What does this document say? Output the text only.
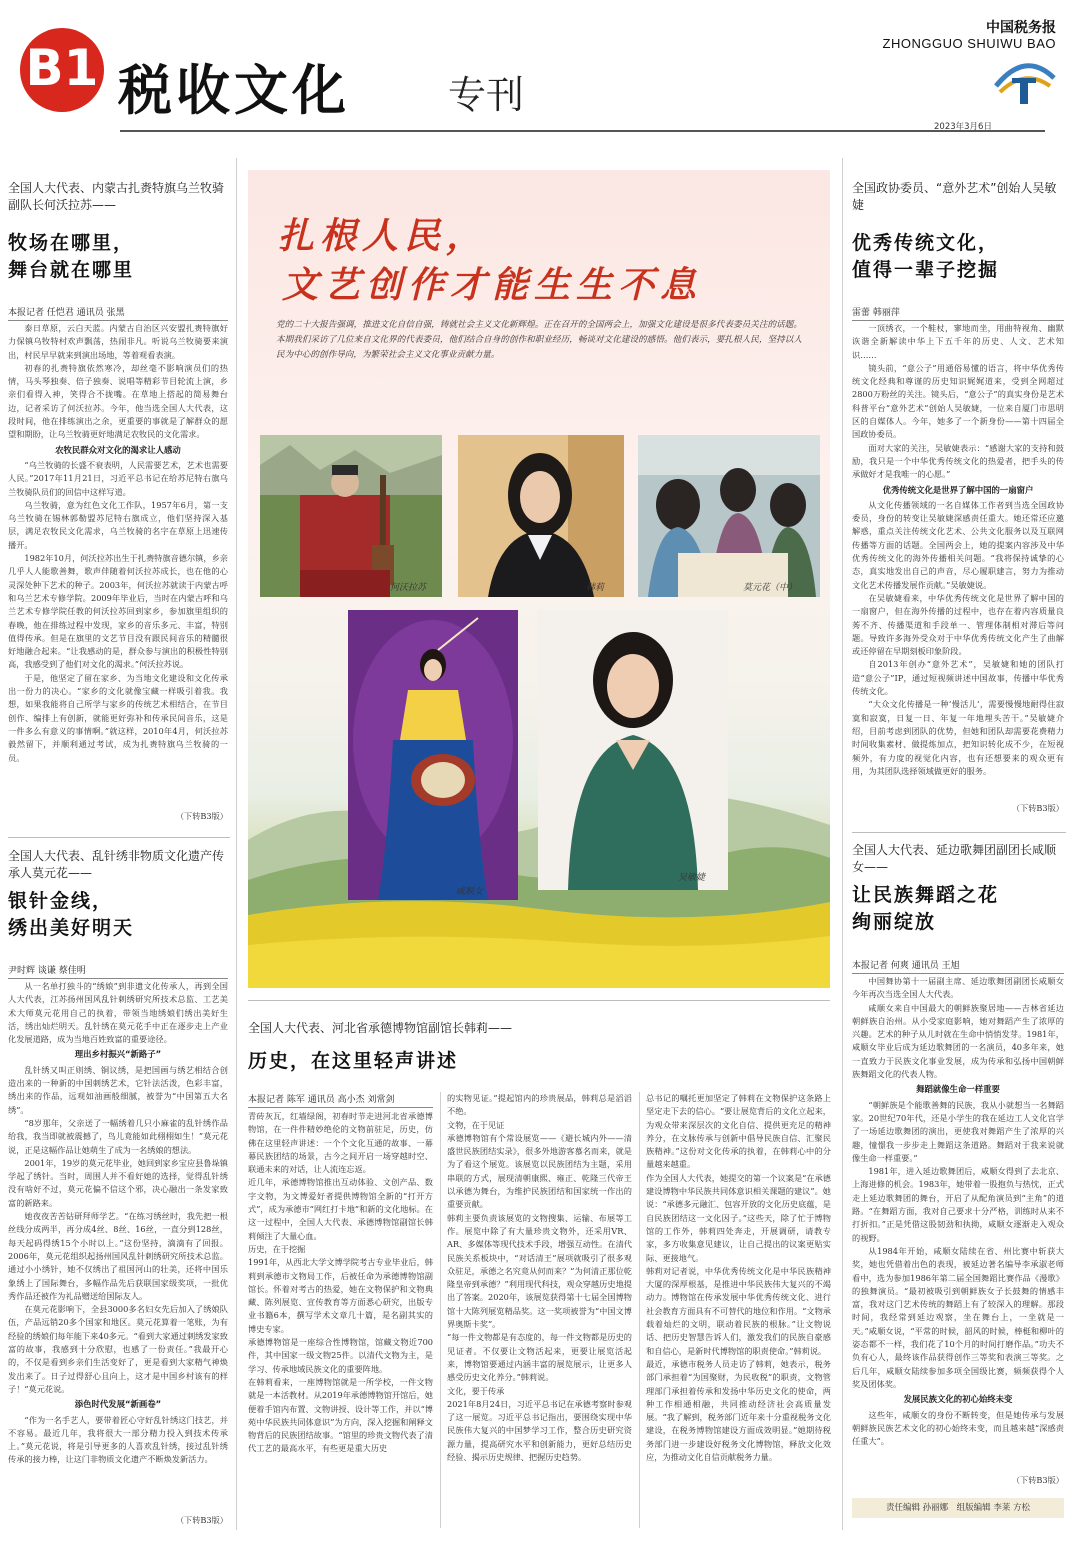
B1 税收文化	专刊
中国税务报
ZHONGGUO SHUIWU BAO
2023年3月6日
全国人大代表、内蒙古扎赉特旗乌兰牧骑副队长何沃拉苏——
牧场在哪里，
舞台就在哪里
本报记者 任恺君 通讯员 张黑

泰日草原，云白天蓝。内蒙古自治区兴安盟扎赉特旗好力保镇乌牧特村欢声飘荡，热闹非凡。听说乌兰牧骑要来演出，村民早早就来到演出场地，等着观看表演。

初春的扎赉特旗依然寒冷，却丝毫不影响演员们的热情，马头琴独奏、倍子独奏、说唱等精彩节目轮流上演，乡亲们看得入神，笑得合不拢嘴。在草地上搭起的简易舞台边，记者采访了何沃拉苏。今年，他当选全国人大代表，这段时间，他在排练演出之余，更重要的事就是了解群众的愿望和期盼，让乌兰牧骑更好地满足农牧民的文化需求。

农牧民群众对文化的渴求让人感动

“乌兰牧骑的长盛不衰表明，人民需要艺术，艺术也需要人民。”2017年11月21日，习近平总书记在给苏尼特右旗乌兰牧骑队员们的回信中这样写道。

乌兰牧骑，意为红色文化工作队，1957年6月，第一支乌兰牧骑在锡林郭勒盟苏尼特右旗成立，他们坚持深入基层，满足农牧民文化需求，乌兰牧骑的名字在草原上迅速传播开。

1982年10月，何沃拉苏出生于扎赉特旗音德尔镇，乡亲几乎人人能歌善舞，歌声伴随着何沃拉苏成长，也在他的心灵深处种下艺术的种子。2003年，何沃拉苏就读于内蒙古呼和乌兰艺术专修学院。2009年毕业后，当时在内蒙古呼和乌兰艺术专修学院任教的何沃拉苏回到家乡，参加旗里组织的春晚，他在排练过程中发现，家乡的音乐多元、丰富，特别值得传承。但是在旗里的文艺节目没有跟民间音乐的精髓很好地融合起来。“让我感动的是，群众参与演出的积极性特别高，我感受到了他们对文化的渴求。”何沃拉苏说。

于是，他坚定了留在家乡、为当地文化建设和文化传承出一份力的决心。“家乡的文化就像宝藏一样吸引着我。我想，如果我能将自己所学与家乡的传统艺术相结合，在节目创作、编排上有创新，就能更好弥补和传承民间音乐，这是一件多么有意义的事情啊。”就这样，2010年4月，何沃拉苏毅然留下，并顺利通过考试，成为扎赉特旗乌兰牧骑的一员。

（下转B3版）
全国人大代表、乱针绣非物质文化遗产传承人莫元花——
银针金线，
绣出美好明天
尹时辉 谈谦 蔡佳明

从一名单打独斗的“绣娘”到非遗文化传承人，再到全国人大代表，江苏扬州国风乱针刺绣研究所技术总监、工艺美术大师莫元花用自己的执着，带领当地绣娘们绣出美好生活，绣出灿烂明天。乱针绣在莫元花手中正在逐步走上产业化发展道路，成为当地百姓致富的重要途径。

理出乡村振兴“新路子”

乱针绣又叫正则绣、铜议绣，是把国画与绣艺相结合创造出来的一种新的中国刺绣艺术，它针法活泼，色彩丰富，绣出来的作品，远观如油画般细腻，被誉为“中国第五大名绣”。

“8岁那年，父亲送了一幅绣着几只小麻雀的乱针绣作品给我，我当即就被震撼了，鸟儿竟能如此栩栩如生！”莫元花说，正是这幅作品让她萌生了成为一名绣娘的想法。

2001年，19岁的莫元花毕业，她回到家乡宝应县鲁垛镇学起了绣针。当时，周围人并不看好她的选择，觉得乱针绣没有啥好不过，莫元花偏不信这个邪，决心融出一条发家致富的新路来。

她夜夜苦苦钻研拜师学艺。“在练习绣丝时，我先把一根丝线分成两半，再分成4丝、8丝、16丝，一直分到128丝，每天起码得绣15个小时以上。”这份坚持，滴滴有了回报。2006年，莫元花组织起扬州国风乱针刺绣研究所技术总监。通过小小绣针，她不仅绣出了祖国河山的壮美，还将中国乐象绣上了国际舞台，多幅作品先后获联国家级奖项，一批优秀作品还被作为礼品赠送给国际友人。

在莫元花影响下，全县3000多名妇女先后加入了绣娘队伍，产品远销20多个国家和地区。莫元花算着一笔账，为有经验的绣娘们每年能下来40多元。“看到大家通过刺绣发家致富的故事，我感到十分欣慰，也感了一份责任。”我最开心的，不仅是看到乡亲们生活变好了，更是看到大家精气神焕发出来了。日子过得舒心且向上，这才是中国乡村该有的样子！”莫元花说。

添色时代发展“新画卷”

“作为一名手艺人，要带着匠心守好乱针绣这门技艺，并不容易。最近几年，我将很大一部分精力投入到技术传承上。”莫元花说，将是引导更多的人喜欢乱针绣，接过乱针绣传承的接力棒，让这门非物质文化遗产不断焕发新活力。

（下转B3版）
扎根人民，
文艺创作才能生生不息
党的二十大报告强调，推进文化自信自强，铸就社会主义文化新辉煌。正在召开的全国两会上，加强文化建设是很多代表委员关注的话题。本期我们采访了几位来自文化界的代表委员，他们结合自身的创作和职业经历，畅谈对文化建设的感悟。他们表示，要扎根人民，坚持以人民为中心的创作导向，为繁荣社会主义文化事业贡献力量。
何沃拉苏	韩莉	莫元花（中）
咸顺女
吴敏婕
全国人大代表、河北省承德博物馆副馆长韩莉——
历史，在这里轻声讲述
本报记者 陈军 通讯员 高小杰 刘常剑
青砖灰瓦，红墙绿阁，初春时节走进河北省承德博物馆，在一件件精妙绝伦的文物前驻足，历史，仿佛在这里轻声讲述：一个个文化互通的故事、一幕幕民族团结的场景，古今之间开启一场穿越时空、联通未来的对话，让人流连忘返。
近几年，承德博物馆推出互动体验、文创产品、数字文物，为文博爱好者提供博物馆全新的“打开方式”，成为承德市“网红打卡地”和新的文化地标。在这一过程中，全国人大代表、承德博物馆副馆长韩莉倾注了大量心血。
历史，在于挖掘
1991年，从西北大学文博学院考古专业毕业后，韩莉到承德市文物局工作，后被任命为承德博物馆副馆长。怀着对考古的热爱，她在文物保护和文物典藏、陈列展览、宣传教育等方面悉心研究，出版专业书籍6本，撰写学术文章几十篇，是名副其实的博史专家。
承德博物馆是一座综合性博物馆，馆藏文物近700件，其中国家一级文物25件。以清代文物为主，是学习、传承地域民族文化的重要阵地。
在韩莉看来，一座博物馆就是一所学校，一件文物就是一本活教材。从2019年承德博物馆开馆后，她便着手馆内布置、文物讲授、设计等工作，并以“博苑中华民族共同体意识”为方向，深入挖掘和阐释文物背后的民族团结故事。“馆里的珍贵文物代表了清代工艺的最高水平，有些更是重大历史
的实物见证。”提起馆内的珍贵展品，韩莉总是滔滔不绝。
文物，在于见证
承德博物馆有个常设展览——《避长城内外——清盛世民族团结实录》，很多外地游客慕名而来，就是为了看这个展览。该展览以民族团结为主题，采用串联的方式，展现清朝康熙、雍正、乾隆三代帝王以承德为舞台，为维护民族团结和国家统一作出的重要贡献。
韩莉主要负责该展览的文物搜集、运输、布展等工作。展览中除了有大量珍贵文物外，还采用VR、AR、多媒体等现代技术手段，增强互动性。在清代民族关系板块中，“对话清王”展项就吸引了很多观众驻足，承德之名究竟从何而来？”为何清正那位乾隆皇帝到承德？”利用现代科技，观众穿越历史地提出了答案。2020年，该展览获得第十七届全国博物馆十大陈列展览精品奖。这一奖项被誉为“中国文博界奥斯卡奖”。
“每一件文物都是有态度的，每一件文物都是历史的见证者。不仅要让文物活起来，更要让展览活起来，博物馆要通过内涵丰富的展览展示，让更多人感受历史文化养分。”韩莉说。
文化，要于传承
2021年8月24日，习近平总书记在承德考察时参观了这一展览。习近平总书记指出，要围绕实现中华民族伟大复兴的中国梦学习工作，整合历史研究资源力量，提高研究水平和创新能力，更好总结历史经验、揭示历史规律、把握历史趋势。
总书记的嘱托更加坚定了韩莉在文物保护这条路上坚定走下去的信心。“要让展览背后的文化立起来，为观众带来深层次的文化自信、提供更充足的精神养分，在文脉传承与创新中倡导民族自信、汇聚民族精神。”这份对文化传承的执着，在韩莉心中的分量越来越重。
作为全国人大代表，她提交的第一个议案是“在承德建设博物中华民族共同体意识相关课题的建议”。她说：“承德多元融汇、包容开放的文化历史底蕴，是自民族团结这一文化因子。”这些天，除了忙于博物馆的工作外，韩莉四处奔走，开展调研，请教专家，多方收集意见建议，让自己提出的议案更贴实际、更接地气。
韩莉对记者说，中华优秀传统文化是中华民族精神大厦的深厚根基，是推进中华民族伟大复兴的不竭动力。博物馆在传承发展中华优秀传统文化、进行社会教育方面具有不可替代的地位和作用。“文物承载着灿烂的文明，联动着民族的根脉。”让文物说话、把历史智慧告诉人们，激发我们的民族自豪感和自信心，是新时代博物馆的职责使命。”韩莉说。
最近，承德市税务人员走访了韩莉，她表示，税务部门承担着“为国聚财，为民收税”的职责，文物管理部门承担着传承和发扬中华历史文化的使命，两种工作相通相融，共同推动经济社会高质量发展。“我了解到，税务部门近年来十分重视税务文化建设，在税务博物馆建设方面成效明显。”她期待税务部门进一步建设好税务文化博物馆，释放文化效应，为推动文化自信贡献税务力量。
全国政协委员、“意外艺术”创始人吴敏婕
优秀传统文化，
值得一辈子挖掘
雷蕾 韩丽萍

一顶绣衣，一个鞋杖，寥地而坐，用曲特视角、幽默诙谐全新解读中华上下五千年的历史、人文、艺术知识……

镜头前，“意公子”用通俗易懂的语言，将中华优秀传统文化经典和尊谨的历史知识娓娓道来，受到全网超过2800万粉丝的关注。镜头后，“意公子”的真实身份是艺术科普平台“意外艺术”创始人吴敏婕，一位来自厦门市思明区的自媒体人。今年，她多了一个新身份——第十四届全国政协委员。

面对大家的关注，吴敏婕表示：“感谢大家的支持和鼓励，我只是一个中华优秀传统文化的热爱者，把手头的传承做好才是我唯一的心愿。”

优秀传统文化是世界了解中国的一扇窗户

从文化传播领域的一名自媒体工作者到当选全国政协委员，身份的转变让吴敏婕深感责任重大。她还常还应邀解惑，重点关注传统文化艺术、公共文化服务以及互联网传播等方面的话题。全国两会上，她的提案内容涉及中华优秀传统文化的海外传播相关问题。“我将保持诚挚的心态，真实地发出自己的声音，尽心履职建言，努力为推动文化艺术传播发展作贡献。”吴敏婕说。

在吴敏婕看来，中华优秀传统文化是世界了解中国的一扇窗户，但在海外传播的过程中，也存在着内容质量良莠不齐、传播渠道和手段单一、管理体制相对滞后等问题。导致许多海外受众对于中华优秀传统文化产生了曲解或还停留在早期刻板印象阶段。

自2013年创办“意外艺术”，吴敏婕和她的团队打造“意公子”IP，通过短视频讲述中国故事，传播中华优秀传统文化。

“大众文化传播是一种‘慢活儿’，需要慢慢地耐得住寂寞和寂寞，日复一日、年复一年地埋头苦干。”吴敏婕介绍，目前考虑到团队的优势，但她和团队却需要花费精力时间收集素材、做提炼加点，把知识转化成不少，在短视频外，有力度的视觉化内容，也有还想要来的观众更有用，为其团队选择领域做更好的服务。

（下转B3版）
全国人大代表、延边歌舞团副团长咸顺女——
让民族舞蹈之花
绚丽绽放
本报记者 何爽 通讯员 王旭

中国舞协第十一届副主席、延边歌舞团副团长咸顺女今年再次当选全国人大代表。

咸顺女来自中国最大的朝鲜族聚居地——吉林省延边朝鲜族自治州。从小受家庭影响，她对舞蹈产生了浓厚的兴趣。艺术的种子从儿时就在生命中悄悄发芽。1981年，咸顺女毕业后成为延边歌舞团的一名演员，40多年来，她一直致力于民族文化事业发展，成为传承和弘扬中国朝鲜族舞蹈文化的代表人物。

舞蹈就像生命一样重要

“朝鲜族是个能歌善舞的民族，我从小就想当一名舞蹈家。20世纪70年代，还是小学生的我在延边工人文化宫学了一场延边歌舞团的演出，更使我对舞蹈产生了浓厚的兴趣，憧憬我一步步走上舞蹈这条道路。舞蹈对于我来说就像生命一样重要。”

1981年，进入延边歌舞团后，咸顺女得到了去北京、上海进修的机会。1983年，她带着一股抱负与热忱，正式走上延边歌舞团的舞台，开启了从配角演员到“主角”的道路。“在舞蹈方面，我对自己要求十分严格，训练时从来不打折扣。”正是凭借这股韧劲和执拗，咸顺女逐渐走入观众的视野。

从1984年开始，咸顺女陆续在省、州比赛中斩获大奖，她也凭借着出色的表现，被延边著名编导李承淑老师看中，选为参加1986年第二届全国舞蹈比赛作品《漫歌》的独舞演员。“最初被吸引到朝鲜族女子长鼓舞的情感丰富，我对这门艺术传统的舞蹈上有了较深入的理解。那段时间，我经常到延边观察，坐在舞台上，一坐就是一天。”咸顺女说，“平常的时候，韶风的时候，棒梃和柳叶的姿态都不一样，我们花了10个月的时间打磨作品。”功夫不负有心人，最终该作品获得创作三等奖和表演三等奖。之后几年，咸顺女陆续参加多项全国级比赛，频频获得个人奖及团体奖。

发展民族文化的初心始终未变

这些年，咸顺女的身份不断转变，但是她传承与发展朝鲜族民族艺术文化的初心始终未变，而且越来越“深感责任重大”。

（下转B3版）
责任编辑 孙丽娜　组版编辑 李莱 方松
